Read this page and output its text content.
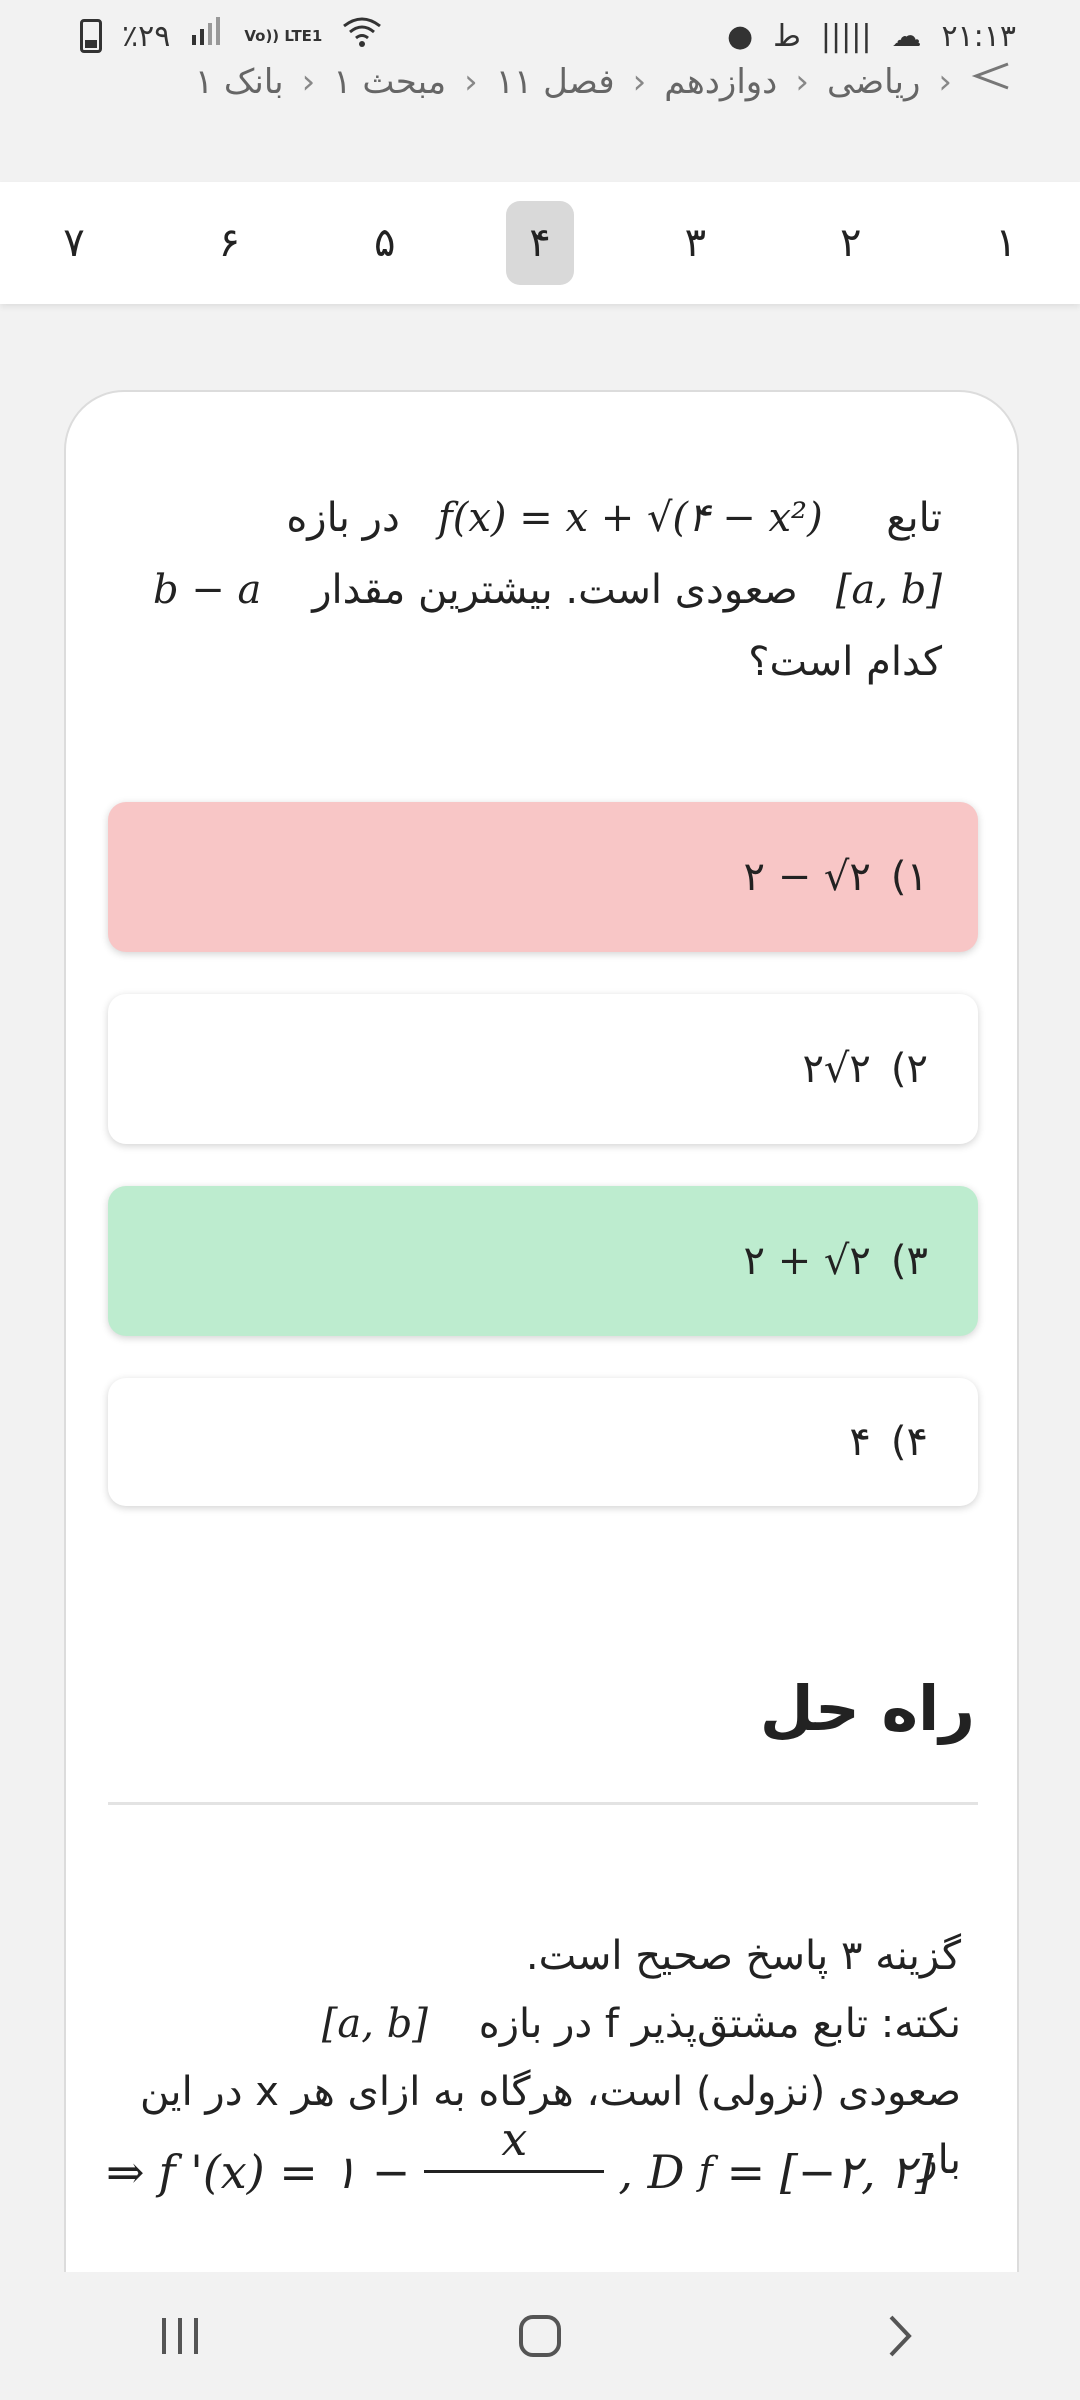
٪۲۹	Vo)) LTE1	● ط ||||| ☁ ۲۱:۱۳
‹
ریاضی
‹
دوازدهم
‹
فصل ۱۱
‹
مبحث ۱
‹
بانک ۱
۱
۲
۳
۴
۵
۶
۷
تابع     f(x) = x + √(۴ − x²)   در بازه
[a, b]   صعودی است. بیشترین مقدار    b − a
کدام است؟
۱)
۲ − √۲
۲)
۲√۲
۳)
۲ + √۲
۴)
۴
راه حل
گزینه ۳ پاسخ صحیح است.
نکته: تابع مشتق‌پذیر f در بازه    [a, b]
صعودی (نزولی) است، هرگاه به ازای هر x در این باز
⇒ f '(x) = ۱ −
x

, D f = [−۲, ۲]
